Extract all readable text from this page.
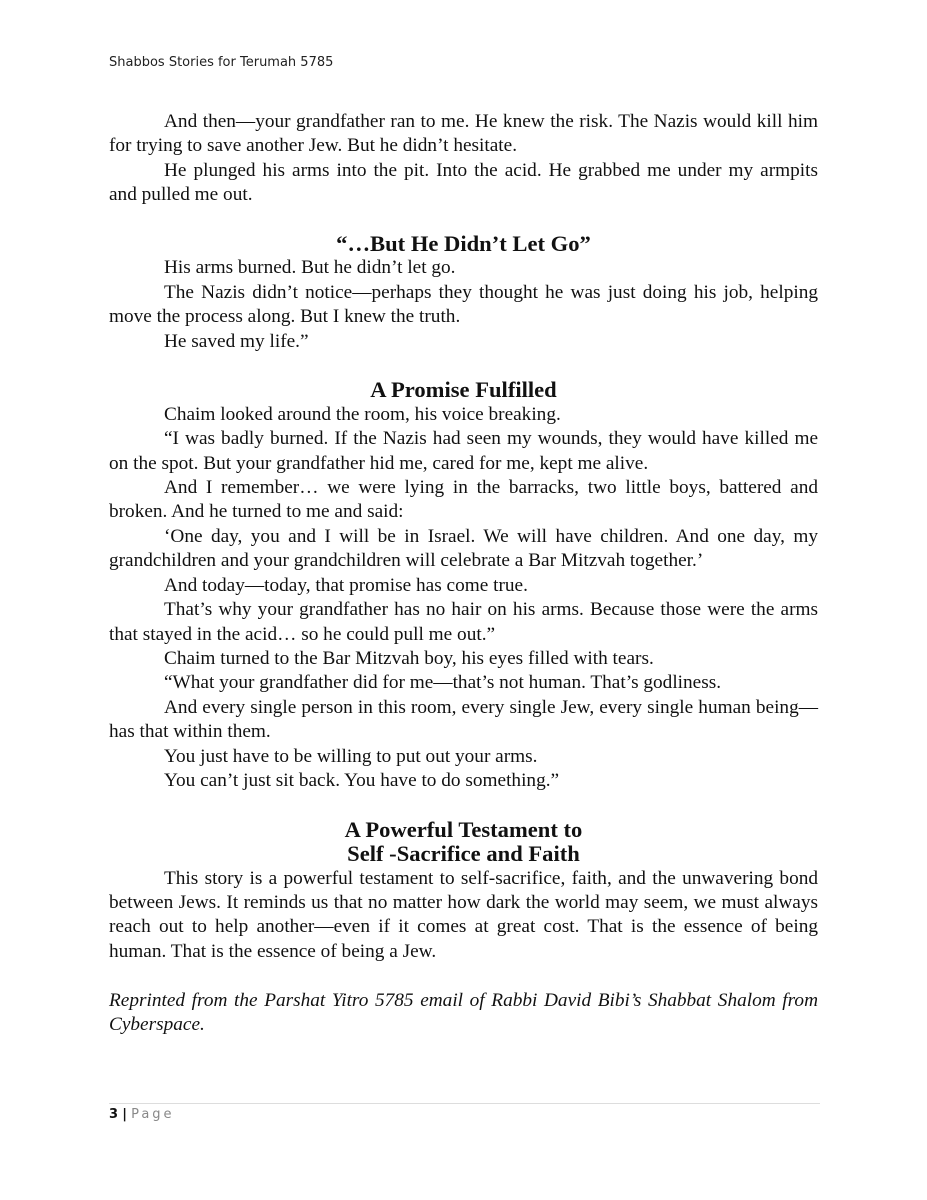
Shabbos Stories for Terumah 5785

And then—your grandfather ran to me. He knew the risk. The Nazis would kill him for trying to save another Jew. But he didn’t hesitate.

He plunged his arms into the pit. Into the acid. He grabbed me under my armpits and pulled me out.

“…But He Didn’t Let Go”

His arms burned. But he didn’t let go.

The Nazis didn’t notice—perhaps they thought he was just doing his job, helping move the process along. But I knew the truth.

He saved my life.”

A Promise Fulfilled

Chaim looked around the room, his voice breaking.

“I was badly burned. If the Nazis had seen my wounds, they would have killed me on the spot. But your grandfather hid me, cared for me, kept me alive.

And I remember… we were lying in the barracks, two little boys, battered and broken. And he turned to me and said:

‘One day, you and I will be in Israel. We will have children. And one day, my grandchildren and your grandchildren will celebrate a Bar Mitzvah together.’

And today—today, that promise has come true.

That’s why your grandfather has no hair on his arms. Because those were the arms that stayed in the acid… so he could pull me out.”

Chaim turned to the Bar Mitzvah boy, his eyes filled with tears.

“What your grandfather did for me—that’s not human. That’s godliness.

And every single person in this room, every single Jew, every single human being—has that within them.

You just have to be willing to put out your arms.

You can’t just sit back. You have to do something.”

A Powerful Testament to
Self -Sacrifice and Faith

This story is a powerful testament to self-sacrifice, faith, and the unwavering bond between Jews. It reminds us that no matter how dark the world may seem, we must always reach out to help another—even if it comes at great cost. That is the essence of being human. That is the essence of being a Jew.

Reprinted from the Parshat Yitro 5785 email of Rabbi David Bibi’s Shabbat Shalom from Cyberspace.

3 | Page
